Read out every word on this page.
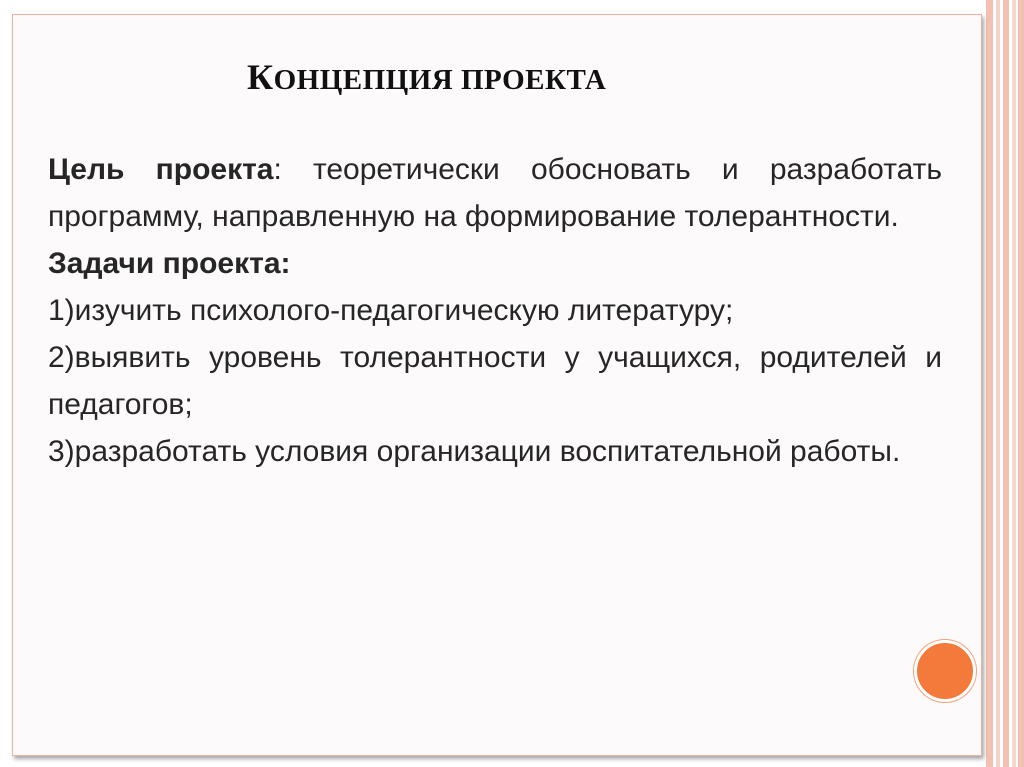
КОНЦЕПЦИЯ ПРОЕКТА

Цель проекта: теоретически обосновать и разработать программу, направленную на формирование толерантности.

Задачи проекта:

1)изучить психолого-педагогическую литературу;

2)выявить уровень толерантности у учащихся, родителей и педагогов;

3)разработать условия организации воспитательной работы.
